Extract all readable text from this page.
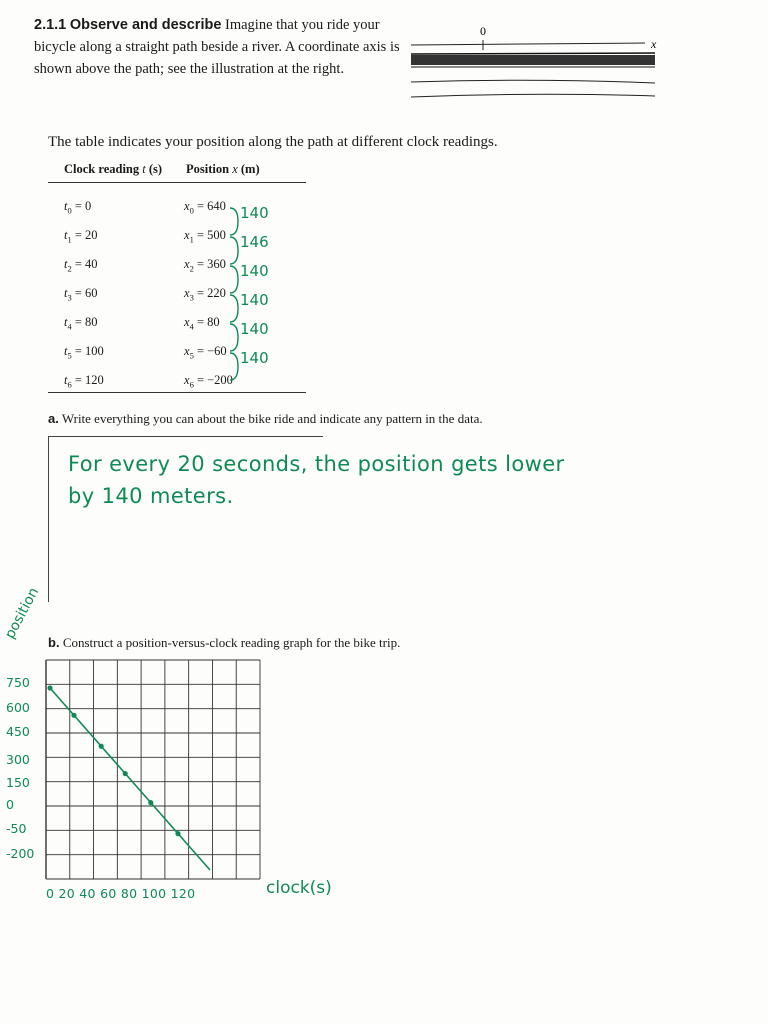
2.1.1 Observe and describe Imagine that you ride your bicycle along a straight path beside a river. A coordinate axis is shown above the path; see the illustration at the right.
0
x
The table indicates your position along the path at different clock readings.
Clock reading t (s) Position x (m)
$t_0 = 0$	$x_0 = 640$
$t_1 = 20$	$x_1 = 500$
$t_2 = 40$	$x_2 = 360$
$t_3 = 60$	$x_3 = 220$
$t_4 = 80$	$x_4 = 80$
$t_5 = 100$	$x_5 = -60$
$t_6 = 120$	$x_6 = -200$
140
146
140
140
140
140
a. Write everything you can about the bike ride and indicate any pattern in the data.
For every 20 seconds, the position gets lower
by 140 meters.
b. Construct a position-versus-clock reading graph for the bike trip.
position
750
600
450
300
150
0
-50
-200
0 20 40 60 80 100 120	clock(s)
